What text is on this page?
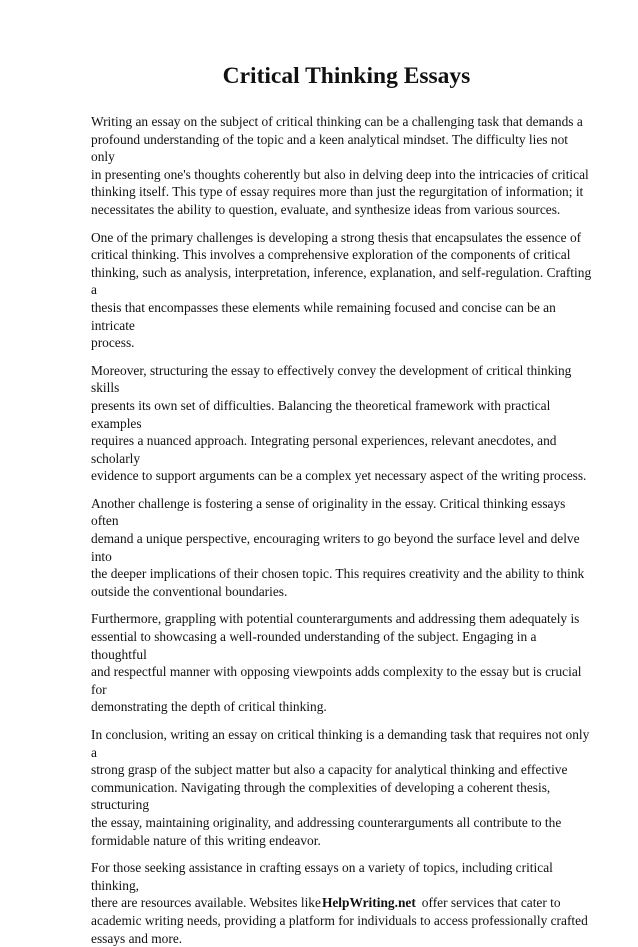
Critical Thinking Essays

Writing an essay on the subject of critical thinking can be a challenging task that demands a
profound understanding of the topic and a keen analytical mindset. The difficulty lies not only
in presenting one's thoughts coherently but also in delving deep into the intricacies of critical
thinking itself. This type of essay requires more than just the regurgitation of information; it
necessitates the ability to question, evaluate, and synthesize ideas from various sources.

One of the primary challenges is developing a strong thesis that encapsulates the essence of
critical thinking. This involves a comprehensive exploration of the components of critical
thinking, such as analysis, interpretation, inference, explanation, and self-regulation. Crafting a
thesis that encompasses these elements while remaining focused and concise can be an intricate
process.

Moreover, structuring the essay to effectively convey the development of critical thinking skills
presents its own set of difficulties. Balancing the theoretical framework with practical examples
requires a nuanced approach. Integrating personal experiences, relevant anecdotes, and scholarly
evidence to support arguments can be a complex yet necessary aspect of the writing process.

Another challenge is fostering a sense of originality in the essay. Critical thinking essays often
demand a unique perspective, encouraging writers to go beyond the surface level and delve into
the deeper implications of their chosen topic. This requires creativity and the ability to think
outside the conventional boundaries.

Furthermore, grappling with potential counterarguments and addressing them adequately is
essential to showcasing a well-rounded understanding of the subject. Engaging in a thoughtful
and respectful manner with opposing viewpoints adds complexity to the essay but is crucial for
demonstrating the depth of critical thinking.

In conclusion, writing an essay on critical thinking is a demanding task that requires not only a
strong grasp of the subject matter but also a capacity for analytical thinking and effective
communication. Navigating through the complexities of developing a coherent thesis, structuring
the essay, maintaining originality, and addressing counterarguments all contribute to the
formidable nature of this writing endeavor.

For those seeking assistance in crafting essays on a variety of topics, including critical thinking,
there are resources available. Websites likeHelpWriting.net offer services that cater to
academic writing needs, providing a platform for individuals to access professionally crafted
essays and more.
